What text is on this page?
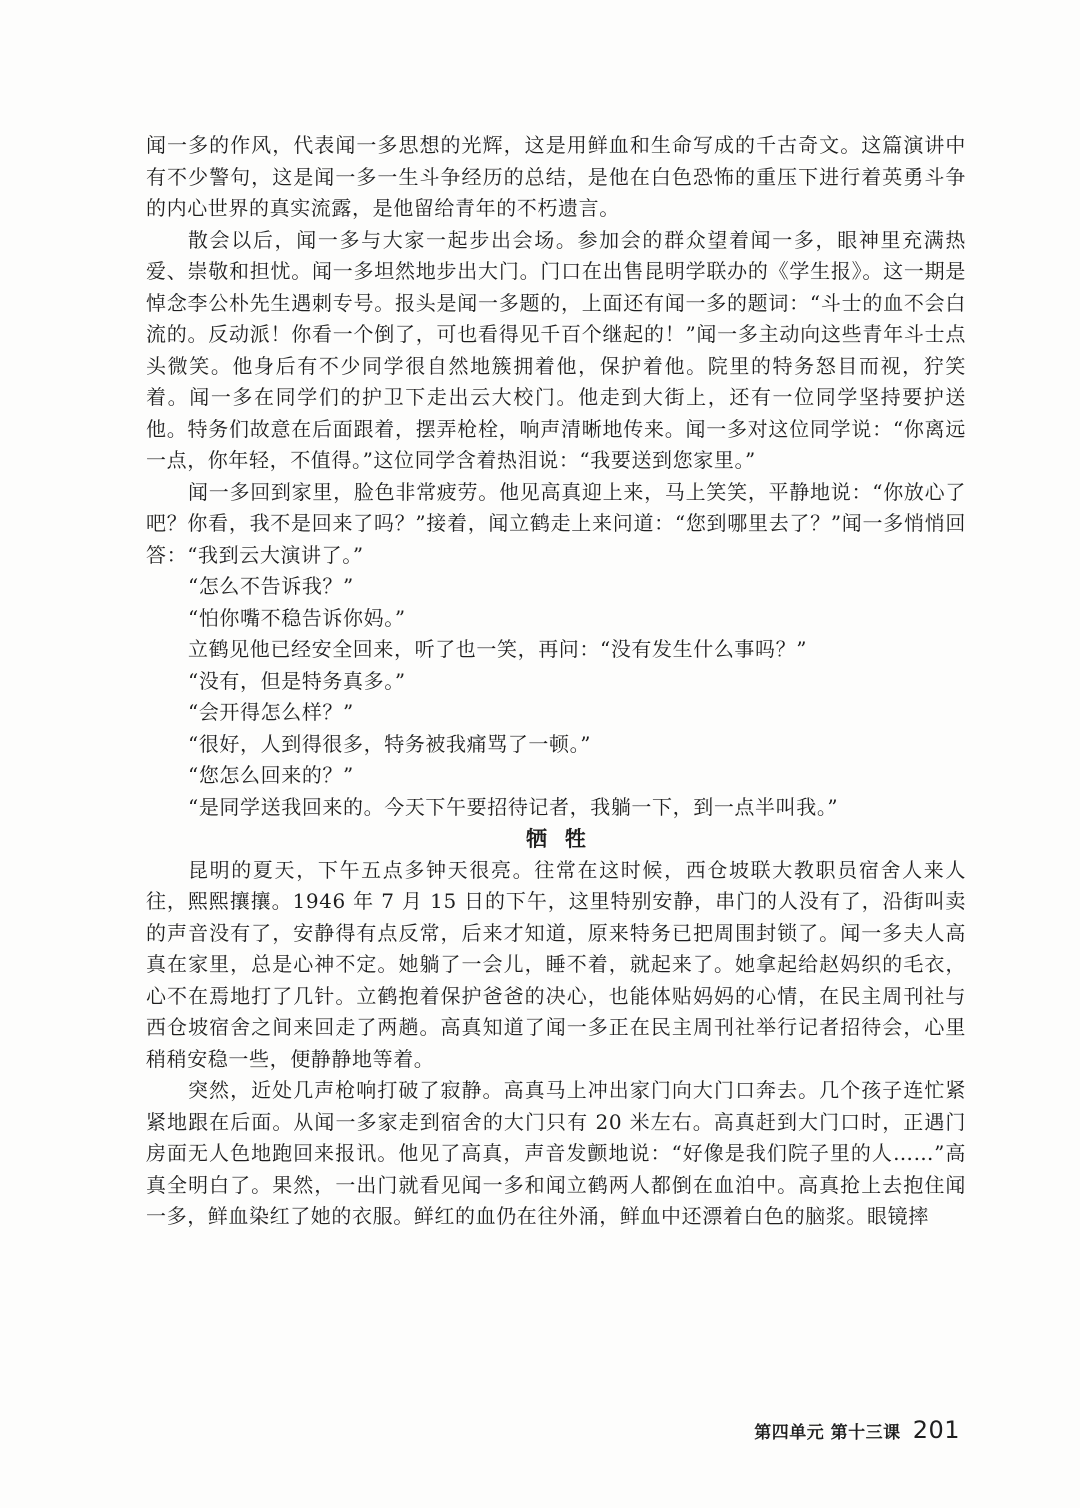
闻一多的作风，代表闻一多思想的光辉，这是用鲜血和生命写成的千古奇文。这篇演讲中有不少警句，这是闻一多一生斗争经历的总结，是他在白色恐怖的重压下进行着英勇斗争的内心世界的真实流露，是他留给青年的不朽遗言。

散会以后，闻一多与大家一起步出会场。参加会的群众望着闻一多，眼神里充满热爱、崇敬和担忧。闻一多坦然地步出大门。门口在出售昆明学联办的《学生报》。这一期是悼念李公朴先生遇刺专号。报头是闻一多题的，上面还有闻一多的题词：“斗士的血不会白流的。反动派！你看一个倒了，可也看得见千百个继起的！”闻一多主动向这些青年斗士点头微笑。他身后有不少同学很自然地簇拥着他，保护着他。院里的特务怒目而视，狞笑着。闻一多在同学们的护卫下走出云大校门。他走到大街上，还有一位同学坚持要护送他。特务们故意在后面跟着，摆弄枪栓，响声清晰地传来。闻一多对这位同学说：“你离远一点，你年轻，不值得。”这位同学含着热泪说：“我要送到您家里。”

闻一多回到家里，脸色非常疲劳。他见高真迎上来，马上笑笑，平静地说：“你放心了吧？你看，我不是回来了吗？”接着，闻立鹤走上来问道：“您到哪里去了？”闻一多悄悄回答：“我到云大演讲了。”

“怎么不告诉我？”

“怕你嘴不稳告诉你妈。”

立鹤见他已经安全回来，听了也一笑，再问：“没有发生什么事吗？”

“没有，但是特务真多。”

“会开得怎么样？”

“很好，人到得很多，特务被我痛骂了一顿。”

“您怎么回来的？”

“是同学送我回来的。今天下午要招待记者，我躺一下，到一点半叫我。”

牺牲

昆明的夏天，下午五点多钟天很亮。往常在这时候，西仓坡联大教职员宿舍人来人往，熙熙攘攘。1946 年 7 月 15 日的下午，这里特别安静，串门的人没有了，沿街叫卖的声音没有了，安静得有点反常，后来才知道，原来特务已把周围封锁了。闻一多夫人高真在家里，总是心神不定。她躺了一会儿，睡不着，就起来了。她拿起给赵妈织的毛衣，心不在焉地打了几针。立鹤抱着保护爸爸的决心，也能体贴妈妈的心情，在民主周刊社与西仓坡宿舍之间来回走了两趟。高真知道了闻一多正在民主周刊社举行记者招待会，心里稍稍安稳一些，便静静地等着。

突然，近处几声枪响打破了寂静。高真马上冲出家门向大门口奔去。几个孩子连忙紧紧地跟在后面。从闻一多家走到宿舍的大门只有 20 米左右。高真赶到大门口时，正遇门房面无人色地跑回来报讯。他见了高真，声音发颤地说：“好像是我们院子里的人……”高真全明白了。果然，一出门就看见闻一多和闻立鹤两人都倒在血泊中。高真抢上去抱住闻一多，鲜血染红了她的衣服。鲜红的血仍在往外涌，鲜血中还漂着白色的脑浆。眼镜摔

第四单元 第十三课 201
